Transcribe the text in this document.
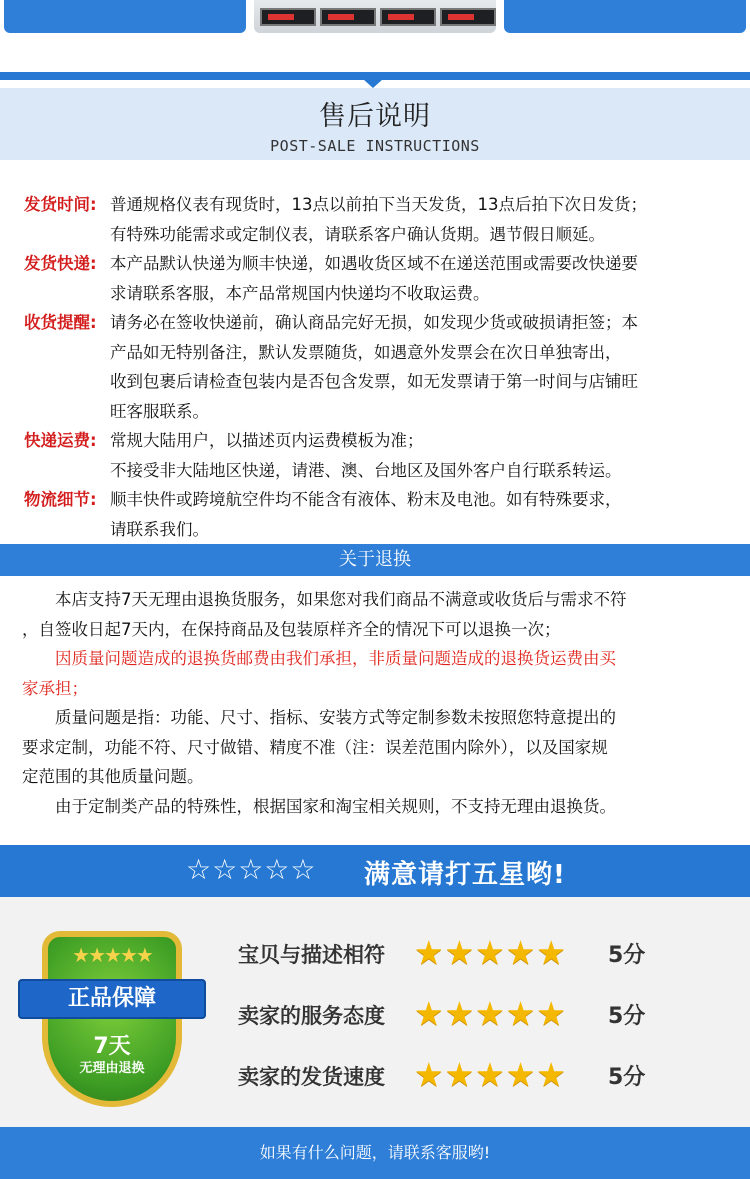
售后说明
POST-SALE INSTRUCTIONS
发货时间: 普通规格仪表有现货时，13点以前拍下当天发货，13点后拍下次日发货；
有特殊功能需求或定制仪表，请联系客户确认货期。遇节假日顺延。
发货快递: 本产品默认快递为顺丰快递，如遇收货区域不在递送范围或需要改快递要
求请联系客服，本产品常规国内快递均不收取运费。
收货提醒: 请务必在签收快递前，确认商品完好无损，如发现少货或破损请拒签；本
产品如无特别备注，默认发票随货，如遇意外发票会在次日单独寄出，
收到包裹后请检查包装内是否包含发票，如无发票请于第一时间与店铺旺
旺客服联系。
快递运费: 常规大陆用户，以描述页内运费模板为准；
不接受非大陆地区快递，请港、澳、台地区及国外客户自行联系转运。
物流细节: 顺丰快件或跨境航空件均不能含有液体、粉末及电池。如有特殊要求，
请联系我们。
关于退换

　　本店支持7天无理由退换货服务，如果您对我们商品不满意或收货后与需求不符
，自签收日起7天内，在保持商品及包装原样齐全的情况下可以退换一次；

　　因质量问题造成的退换货邮费由我们承担，非质量问题造成的退换货运费由买
家承担；

　　质量问题是指：功能、尺寸、指标、安装方式等定制参数未按照您特意提出的
要求定制，功能不符、尺寸做错、精度不准（注：误差范围内除外），以及国家规
定范围的其他质量问题。

　　由于定制类产品的特殊性，根据国家和淘宝相关规则，不支持无理由退换货。

☆☆☆☆☆ 满意请打五星哟!
★★★★★
正品保障
7天
无理由退换
宝贝与描述相符 ★★★★★ 5分
卖家的服务态度 ★★★★★ 5分
卖家的发货速度 ★★★★★ 5分
如果有什么问题，请联系客服哟!
